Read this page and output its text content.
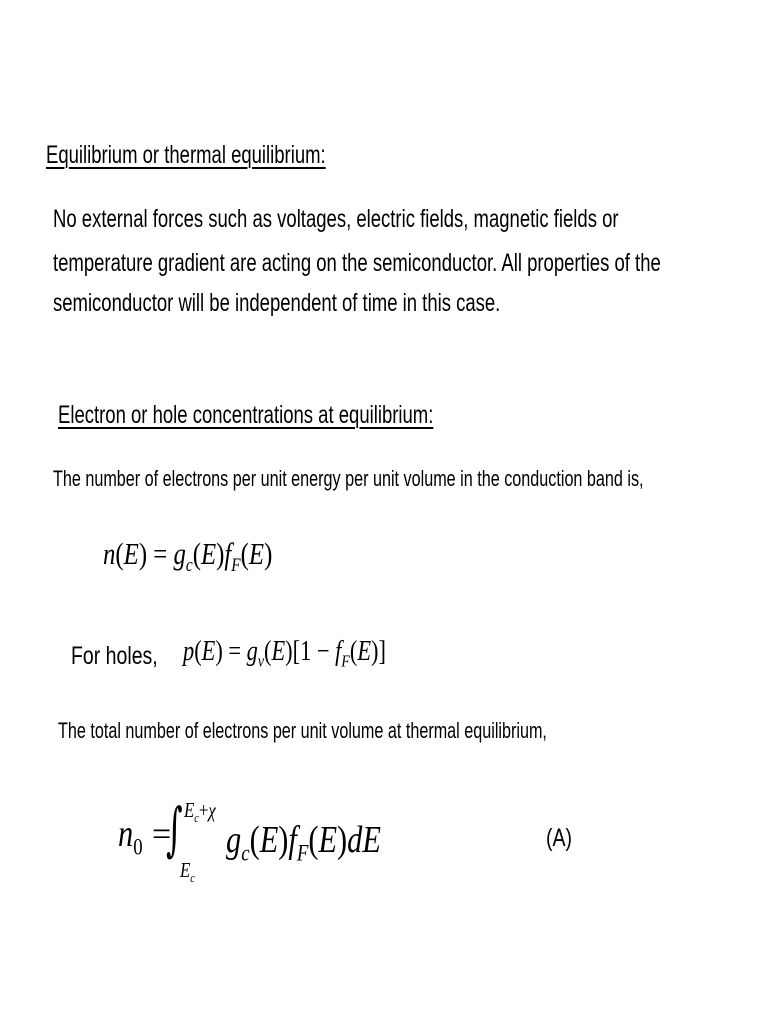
Equilibrium or thermal equilibrium:
No external forces such as voltages, electric fields, magnetic fields or
temperature gradient are acting on the semiconductor. All properties of the
semiconductor will be independent of time in this case.
Electron or hole concentrations at equilibrium:
The number of electrons per unit energy per unit volume in the conduction band is,
$n(E) = g_c(E)f_F(E)$
For holes, $p(E) = g_v(E)[1 - f_F(E)]$
The total number of electrons per unit volume at thermal equilibrium,
$n_0$ =
∫ $E_c+\chi$
$E_c$
$g_c(E)f_F(E)dE$	(A)
